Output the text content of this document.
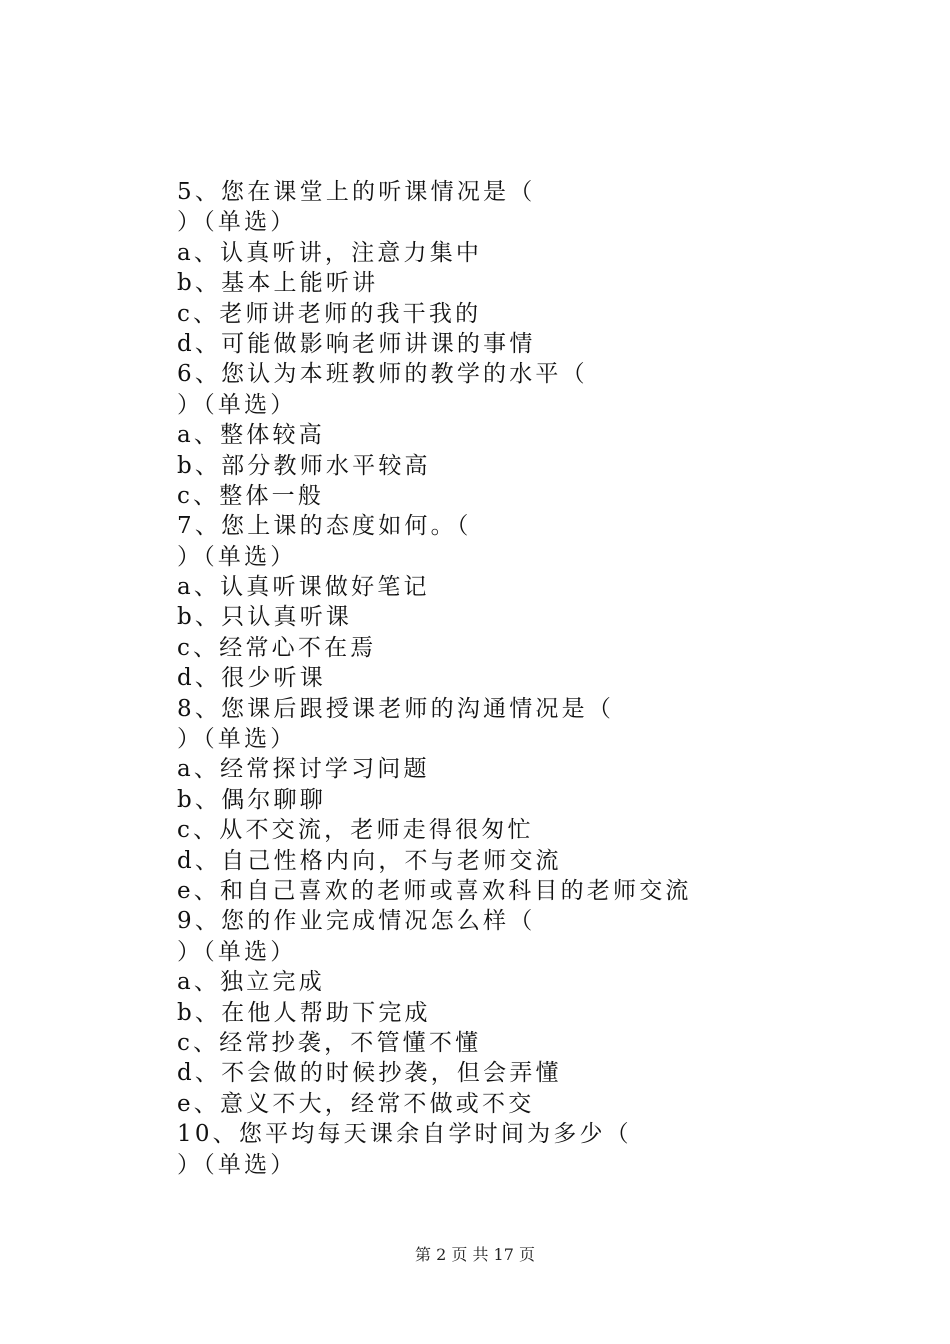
5、您在课堂上的听课情况是（
）（单选）
a、认真听讲，注意力集中
b、基本上能听讲
c、老师讲老师的我干我的
d、可能做影响老师讲课的事情
6、您认为本班教师的教学的水平（
）（单选）
a、整体较高
b、部分教师水平较高
c、整体一般
7、您上课的态度如何。（
）（单选）
a、认真听课做好笔记
b、只认真听课
c、经常心不在焉
d、很少听课
8、您课后跟授课老师的沟通情况是（
）（单选）
a、经常探讨学习问题
b、偶尔聊聊
c、从不交流，老师走得很匆忙
d、自己性格内向，不与老师交流
e、和自己喜欢的老师或喜欢科目的老师交流
9、您的作业完成情况怎么样（
）（单选）
a、独立完成
b、在他人帮助下完成
c、经常抄袭，不管懂不懂
d、不会做的时候抄袭，但会弄懂
e、意义不大，经常不做或不交
10、您平均每天课余自学时间为多少（
）（单选）
第 2 页 共 17 页
